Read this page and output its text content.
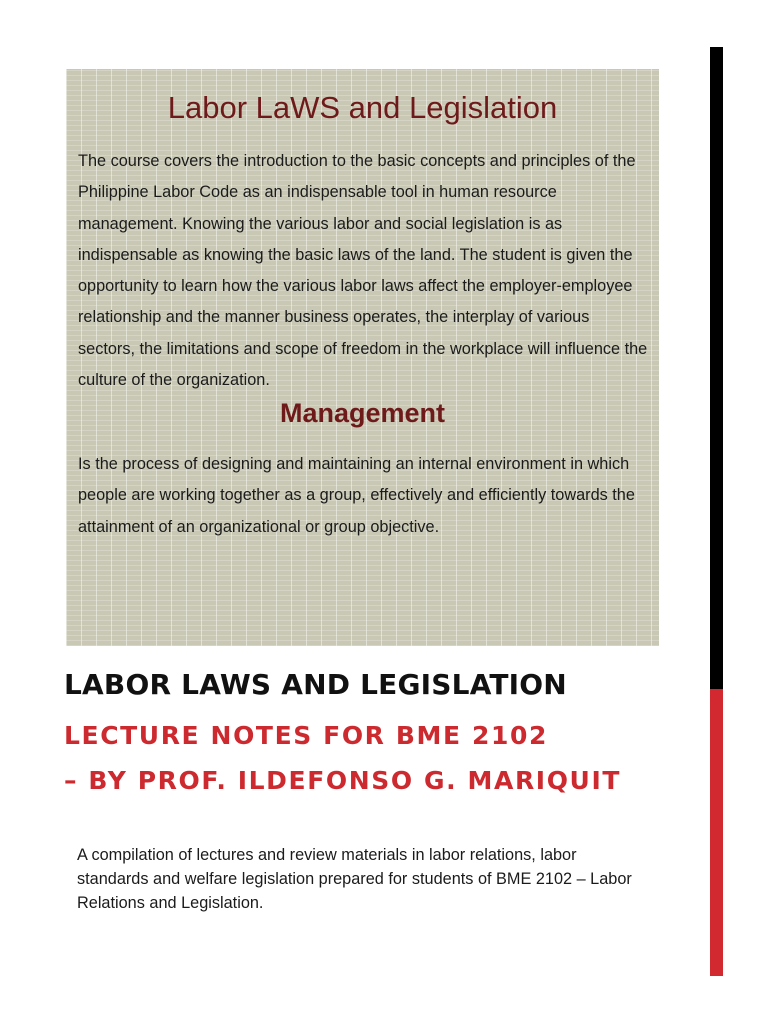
Labor LaWS and Legislation

The course covers the introduction to the basic concepts and principles of the Philippine Labor Code as an indispensable tool in human resource management. Knowing the various labor and social legislation is as indispensable as knowing the basic laws of the land. The student is given the opportunity to learn how the various labor laws affect the employer-employee relationship and the manner business operates, the interplay of various sectors, the limitations and scope of freedom in the workplace will influence the culture of the organization.

Management

Is the process of designing and maintaining an internal environment in which people are working together as a group, effectively and efficiently towards the attainment of an organizational or group objective.

LABOR LAWS AND LEGISLATION
LECTURE NOTES FOR BME 2102
– BY PROF. ILDEFONSO G. MARIQUIT

A compilation of lectures and review materials in labor relations, labor standards and welfare legislation prepared for students of BME 2102 – Labor Relations and Legislation.
